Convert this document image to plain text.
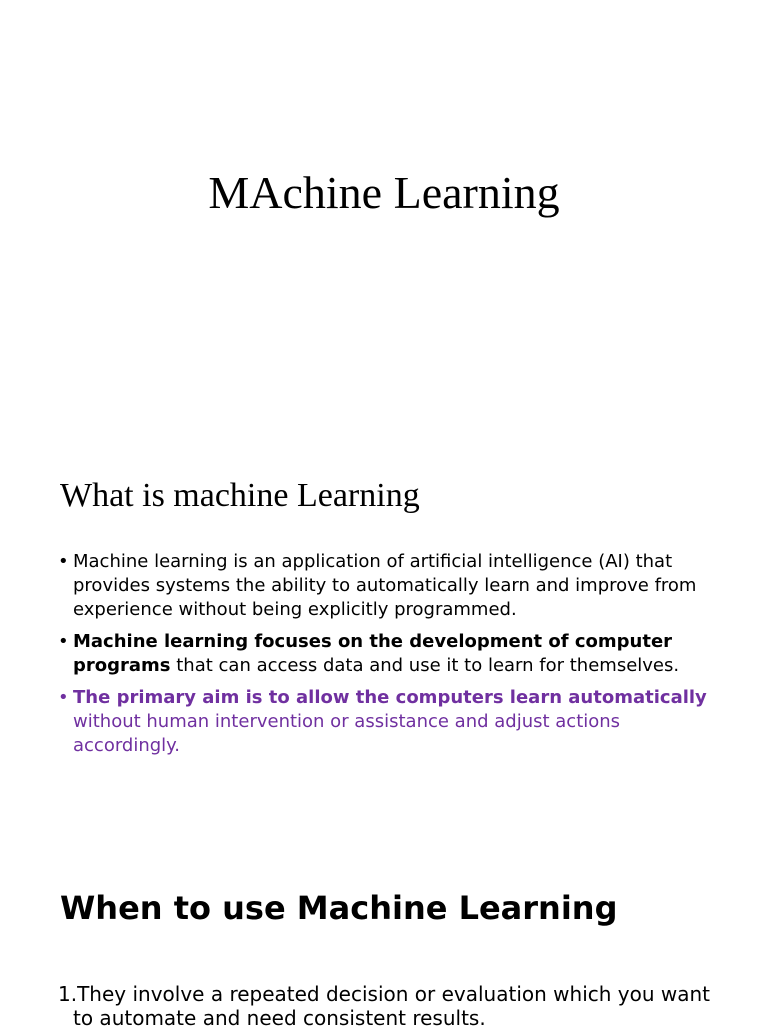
MAchine Learning
What is machine Learning
• Machine learning is an application of artificial intelligence (AI) that provides systems the ability to automatically learn and improve from experience without being explicitly programmed.
• Machine learning focuses on the development of computer programs that can access data and use it to learn for themselves.
• The primary aim is to allow the computers learn automatically without human intervention or assistance and adjust actions accordingly.
When to use Machine Learning
1.They involve a repeated decision or evaluation which you want to automate and need consistent results.
